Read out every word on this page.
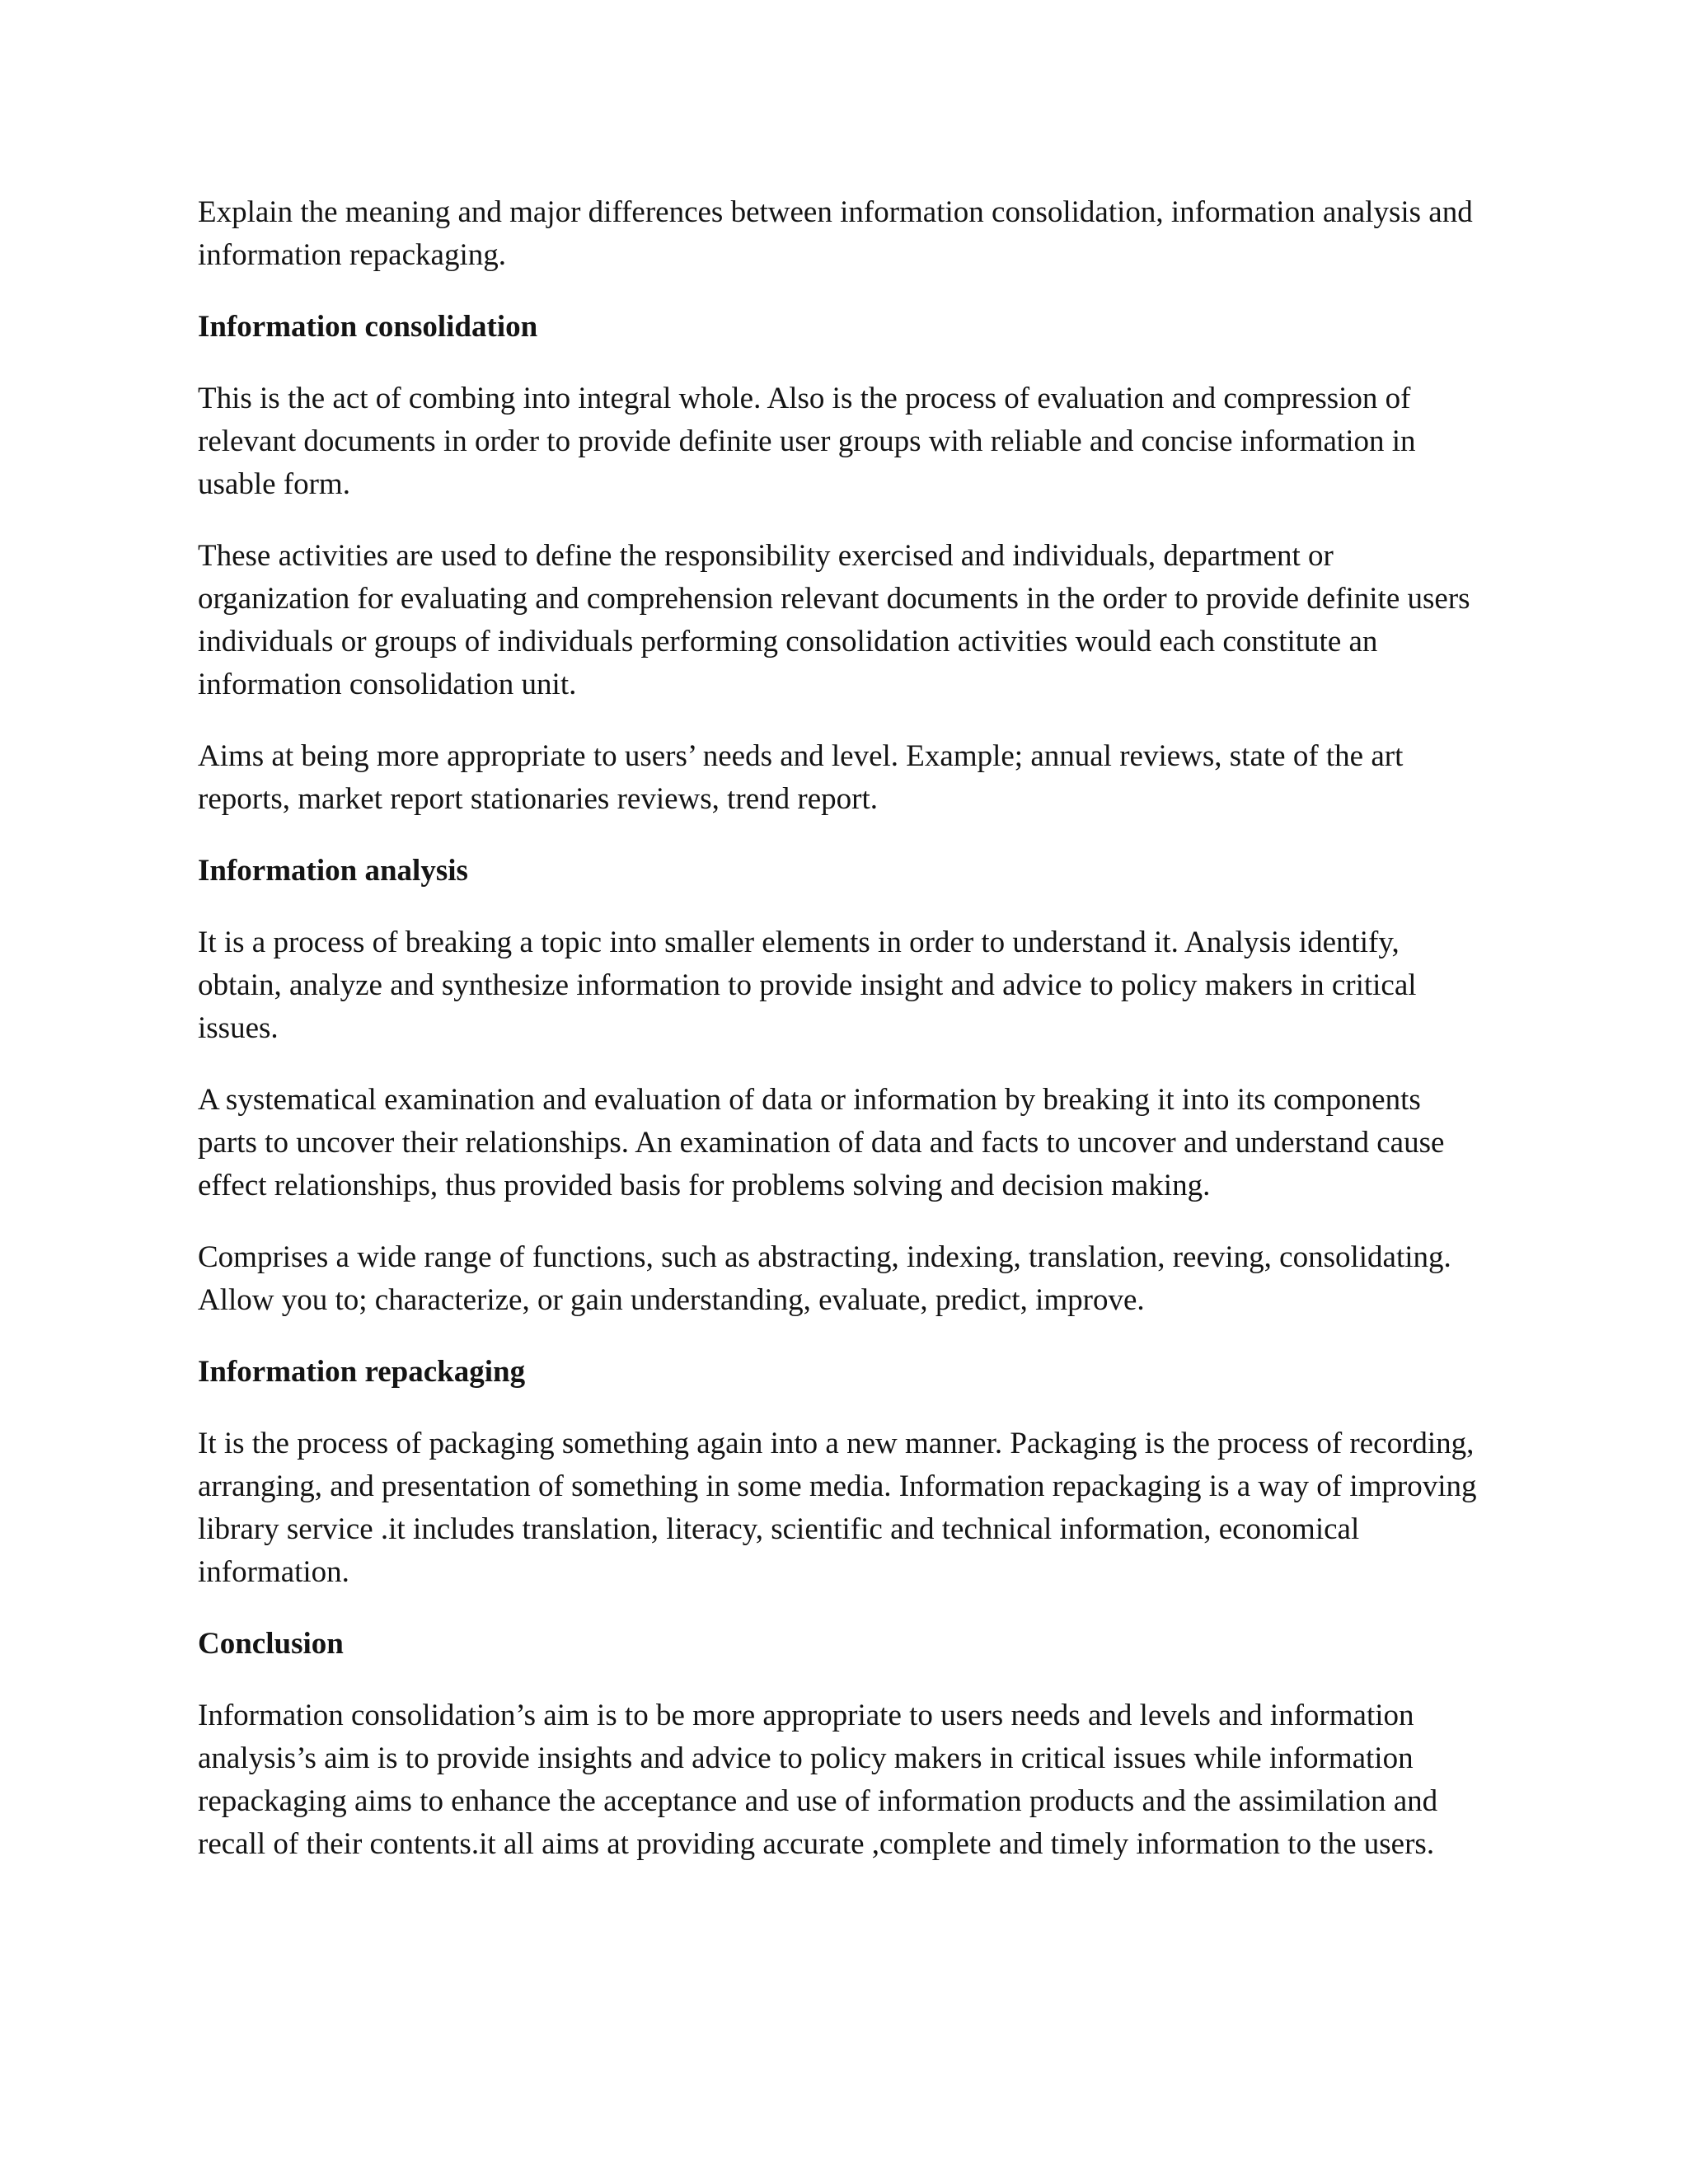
Explain the meaning and major differences between information consolidation, information analysis and information repackaging.

Information consolidation

This is the act of combing into integral whole. Also is the process of evaluation and compression of relevant documents in order to provide definite user groups with reliable and concise information in usable form.

These activities are used to define the responsibility exercised and individuals, department or organization for evaluating and comprehension relevant documents in the order to provide definite users individuals or groups of individuals performing consolidation activities would each constitute an information consolidation unit.

Aims at being more appropriate to users’ needs and level. Example; annual reviews, state of the art reports, market report stationaries reviews, trend report.

Information analysis

It is a process of breaking a topic into smaller elements in order to understand it. Analysis identify, obtain, analyze and synthesize information to provide insight and advice to policy makers in critical issues.

A systematical examination and evaluation of data or information by breaking it into its components parts to uncover their relationships. An examination of data and facts to uncover and understand cause effect relationships, thus provided basis for problems solving and decision making.

Comprises a wide range of functions, such as abstracting, indexing, translation, reeving, consolidating. Allow you to; characterize, or gain understanding, evaluate, predict, improve.

Information repackaging

It is the process of packaging something again into a new manner. Packaging is the process of recording, arranging, and presentation of something in some media. Information repackaging is a way of improving library service .it includes translation, literacy, scientific and technical information, economical information.

Conclusion

Information consolidation’s aim is to be more appropriate to users needs and levels and information analysis’s aim is to provide insights and advice to policy makers in critical issues while information repackaging aims to enhance the acceptance and use of information products and the assimilation and recall of their contents.it all aims at providing accurate ,complete and timely information to the users.
